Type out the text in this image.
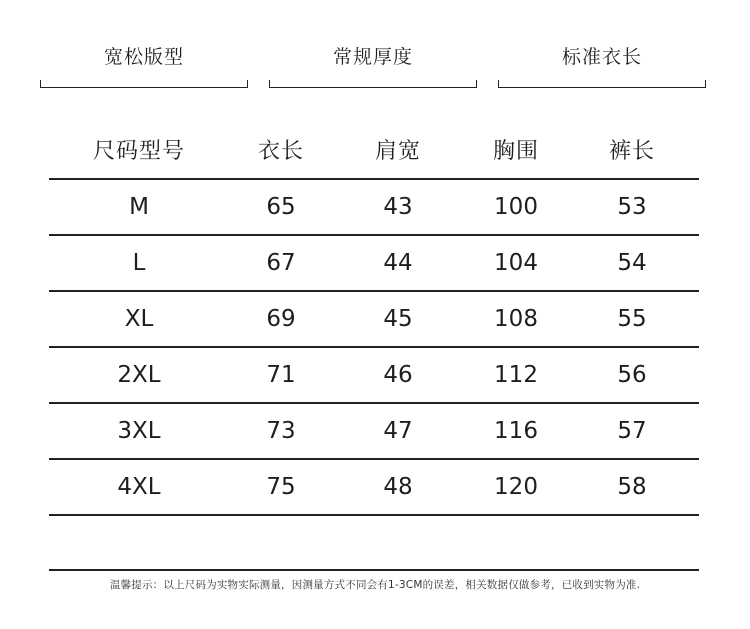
宽松版型	常规厚度	标准衣长
尺码型号	衣长	肩宽	胸围	裤长
M	65	43	100	53
L	67	44	104	54
XL	69	45	108	55
2XL	71	46	112	56
3XL	73	47	116	57
4XL	75	48	120	58
温馨提示：以上尺码为实物实际测量，因测量方式不同会有1-3CM的误差，相关数据仅做参考，已收到实物为准.
